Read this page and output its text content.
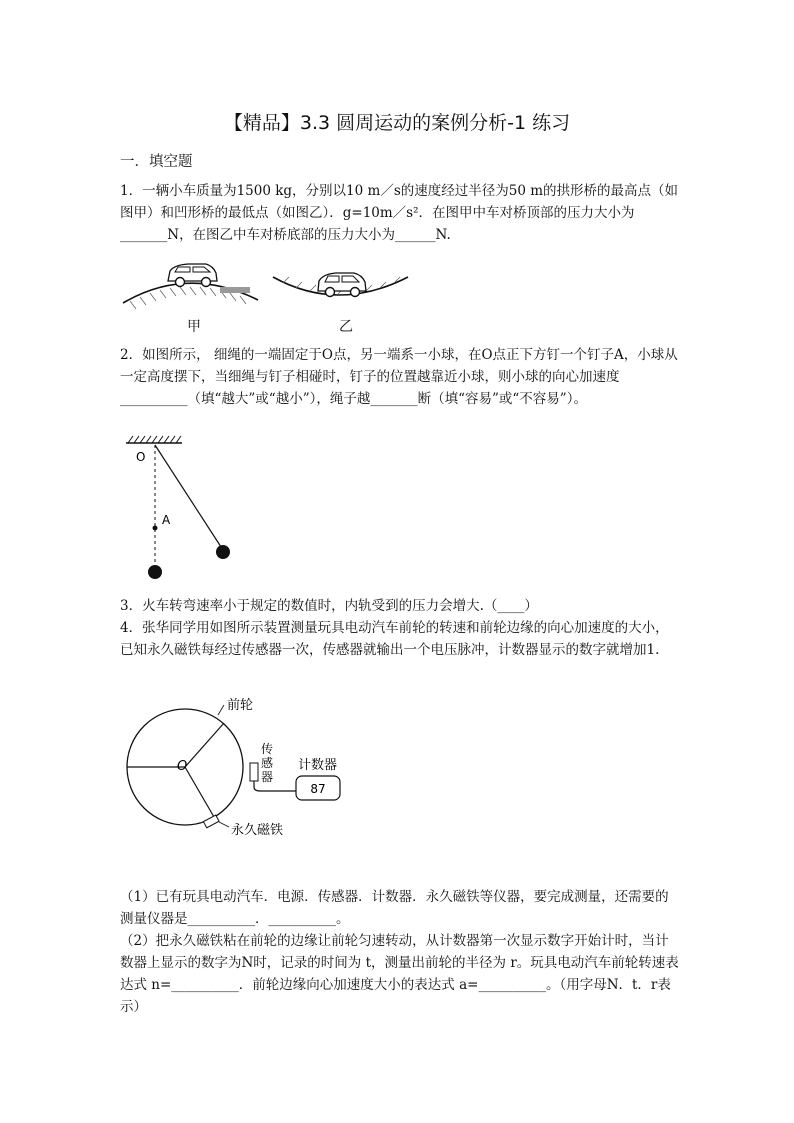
【精品】3.3 圆周运动的案例分析-1 练习
一．填空题

1．一辆小车质量为1500 kg，分别以10 m／s的速度经过半径为50 m的拱形桥的最高点（如图甲）和凹形桥的最低点（如图乙）．g=10m／s²．在图甲中车对桥顶部的压力大小为_______N，在图乙中车对桥底部的压力大小为______N.

甲	乙

2．如图所示， 细绳的一端固定于O点，另一端系一小球，在O点正下方钉一个钉子A，小球从一定高度摆下，当细绳与钉子相碰时，钉子的位置越靠近小球，则小球的向心加速度__________（填“越大”或“越小”），绳子越_______断（填“容易”或“不容易”）。

O
A

3．火车转弯速率小于规定的数值时，内轨受到的压力会增大.（____）

4．张华同学用如图所示装置测量玩具电动汽车前轮的转速和前轮边缘的向心加速度的大小，已知永久磁铁每经过传感器一次，传感器就输出一个电压脉冲，计数器显示的数字就增加1.

87
前轮
O
传
感
器
计数器
永久磁铁

（1）已有玩具电动汽车．电源．传感器．计数器．永久磁铁等仪器，要完成测量，还需要的测量仪器是__________．__________。

（2）把永久磁铁粘在前轮的边缘让前轮匀速转动，从计数器第一次显示数字开始计时，当计数器上显示的数字为N时，记录的时间为 t，测量出前轮的半径为 r。玩具电动汽车前轮转速表达式 n=__________．前轮边缘向心加速度大小的表达式 a=__________。（用字母N．t．r表示）
